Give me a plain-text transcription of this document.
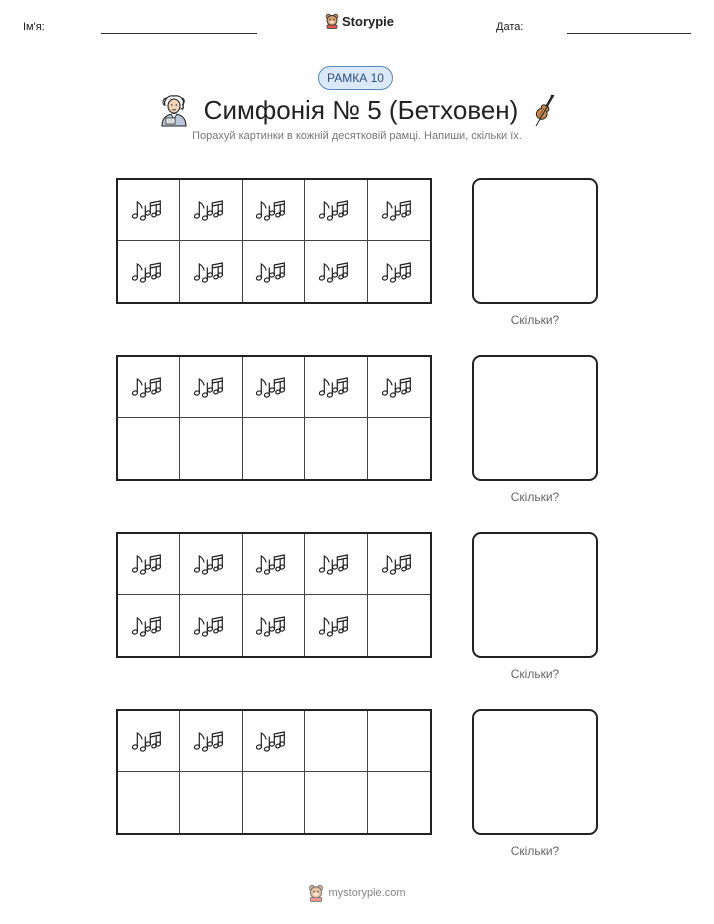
Ім'я:	Storypie	Дата:
РАМКА 10
Симфонія № 5 (Бетховен)
Порахуй картинки в кожній десятковій рамці. Напиши, скільки їх.
Скільки?
Скільки?
Скільки?
Скільки?
mystorypie.com
